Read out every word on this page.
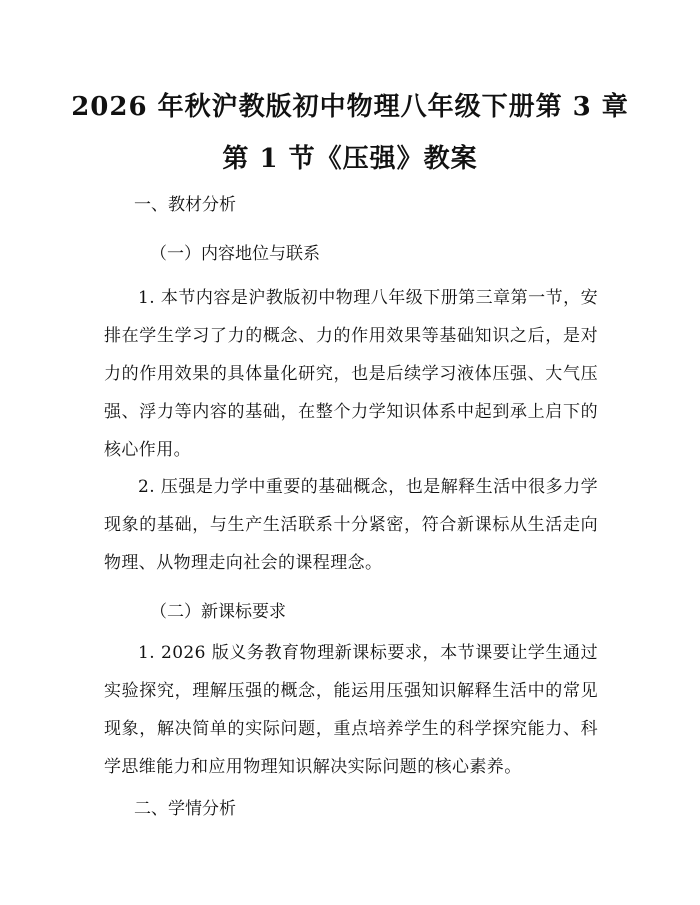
2026 年秋沪教版初中物理八年级下册第 3 章
第 1 节《压强》教案
一、教材分析
（一）内容地位与联系
1. 本节内容是沪教版初中物理八年级下册第三章第一节，安排在学生学习了力的概念、力的作用效果等基础知识之后，是对力的作用效果的具体量化研究，也是后续学习液体压强、大气压强、浮力等内容的基础，在整个力学知识体系中起到承上启下的核心作用。
2. 压强是力学中重要的基础概念，也是解释生活中很多力学现象的基础，与生产生活联系十分紧密，符合新课标从生活走向物理、从物理走向社会的课程理念。
（二）新课标要求
1. 2026 版义务教育物理新课标要求，本节课要让学生通过实验探究，理解压强的概念，能运用压强知识解释生活中的常见现象，解决简单的实际问题，重点培养学生的科学探究能力、科学思维能力和应用物理知识解决实际问题的核心素养。
二、学情分析
